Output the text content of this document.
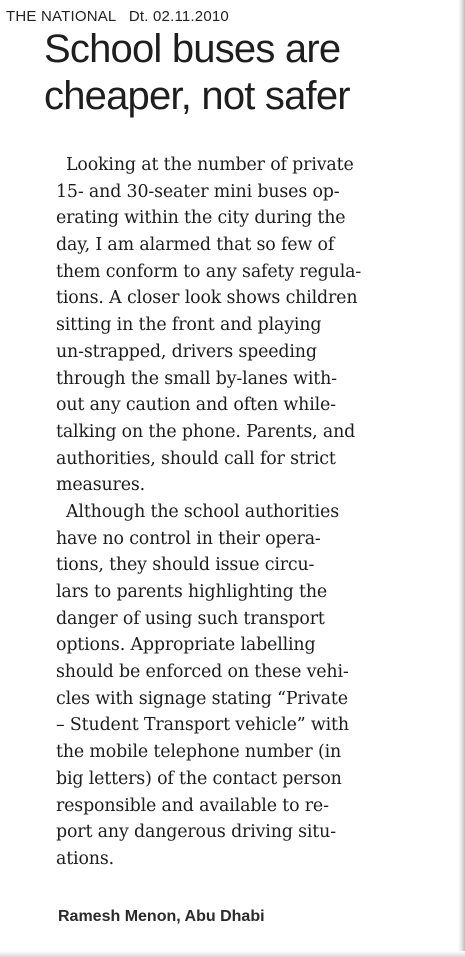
THE NATIONAL Dt. 02.11.2010
School buses are
cheaper, not safer
Looking at the number of private
15- and 30-seater mini buses op-
erating within the city during the
day, I am alarmed that so few of
them conform to any safety regula-
tions. A closer look shows children
sitting in the front and playing
un-strapped, drivers speeding
through the small by-lanes with-
out any caution and often while-
talking on the phone. Parents, and
authorities, should call for strict
measures.
Although the school authorities
have no control in their opera-
tions, they should issue circu-
lars to parents highlighting the
danger of using such transport
options. Appropriate labelling
should be enforced on these vehi-
cles with signage stating “Private
– Student Transport vehicle” with
the mobile telephone number (in
big letters) of the contact person
responsible and available to re-
port any dangerous driving situ-
ations.
Ramesh Menon, Abu Dhabi
